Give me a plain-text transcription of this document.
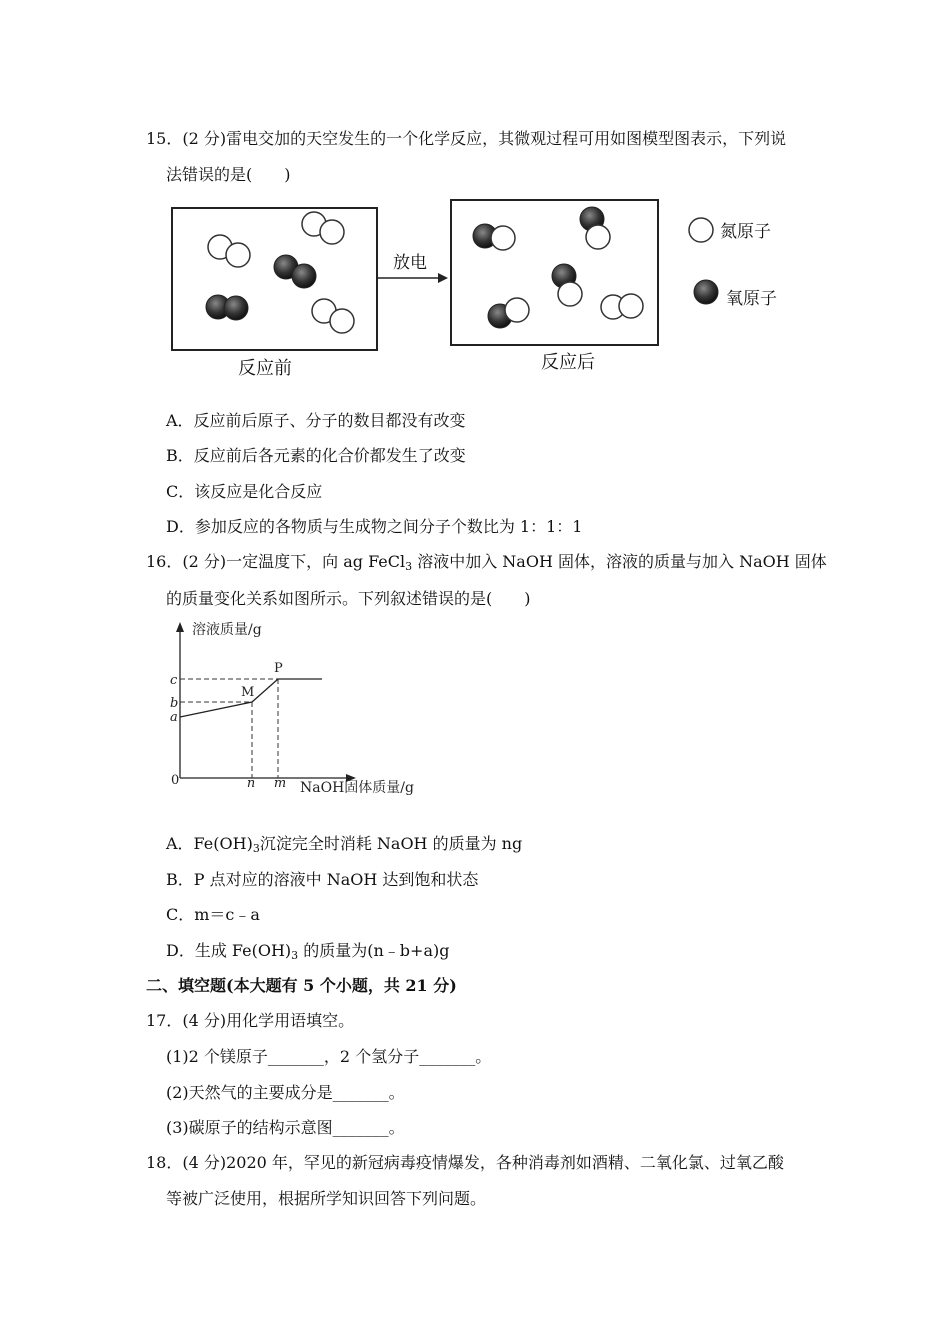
15．(2 分)雷电交加的天空发生的一个化学反应，其微观过程可用如图模型图表示，下列说
法错误的是(　　)
放电
反应前	反应后
氮原子
氧原子
A．反应前后原子、分子的数目都没有改变
B．反应前后各元素的化合价都发生了改变
C．该反应是化合反应
D．参加反应的各物质与生成物之间分子个数比为 1：1：1
16．(2 分)一定温度下，向 ag FeCl$_3$ 溶液中加入 NaOH 固体，溶液的质量与加入 NaOH 固体
的质量变化关系如图所示。下列叙述错误的是(　　)
溶液质量/g
NaOH固体质量/g
0
c
b
a
n m
M
P
A．$Fe(OH)_3$沉淀完全时消耗 NaOH 的质量为 ng
B．P 点对应的溶液中 NaOH 达到饱和状态
C．m＝c﹣a
D．生成 $Fe(OH)_3$ 的质量为(n﹣b+a)g
二、填空题(本大题有 5 个小题，共 21 分)
17．(4 分)用化学用语填空。
(1)2 个镁原子_______，2 个氢分子_______。
(2)天然气的主要成分是_______。
(3)碳原子的结构示意图_______。
18．(4 分)2020 年，罕见的新冠病毒疫情爆发，各种消毒剂如酒精、二氧化氯、过氧乙酸
等被广泛使用，根据所学知识回答下列问题。
